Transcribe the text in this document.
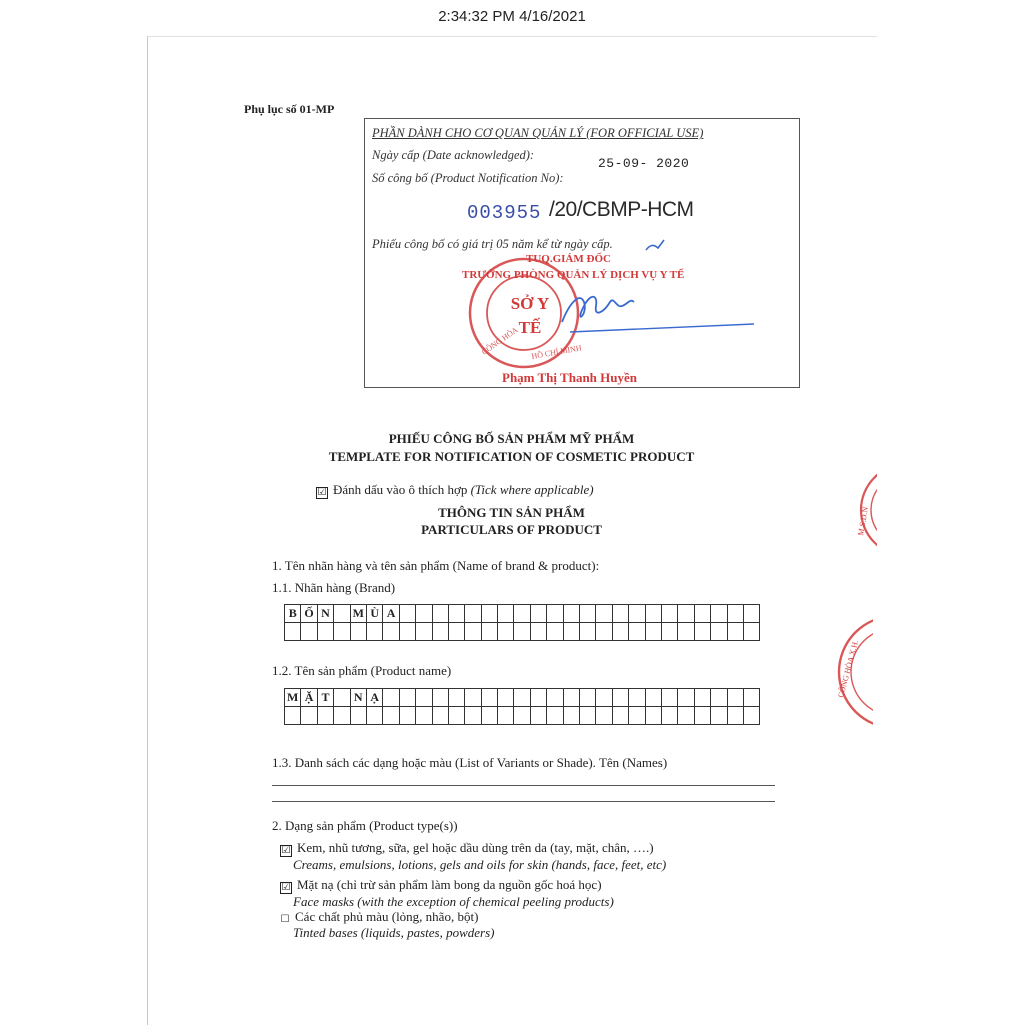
2:34:32 PM 4/16/2021
Phụ lục số 01-MP
PHẦN DÀNH CHO CƠ QUAN QUẢN LÝ (FOR OFFICIAL USE)
Ngày cấp (Date acknowledged):
25-09- 2020
Số công bố (Product Notification No):
003955 /20/CBMP-HCM
Phiếu công bố có giá trị 05 năm kể từ ngày cấp.
CÔNG HÒA HỒ CHÍ MINH
TUQ.GIÁM ĐỐC
TRƯỞNG PHÒNG QUẢN LÝ DỊCH VỤ Y TẾ
SỞ Y TẾ
Phạm Thị Thanh Huyền
PHIẾU CÔNG BỐ SẢN PHẨM MỸ PHẨM
TEMPLATE FOR NOTIFICATION OF COSMETIC PRODUCT
☑ Đánh dấu vào ô thích hợp (Tick where applicable)
THÔNG TIN SẢN PHẨM
PARTICULARS OF PRODUCT
1. Tên nhãn hàng và tên sản phẩm (Name of brand & product):
1.1. Nhãn hàng (Brand)
B	Ố	N		M	Ù	A																						

1.2. Tên sản phẩm (Product name)
M	Ặ	T		N	Ạ																							

1.3. Danh sách các dạng hoặc màu (List of Variants or Shade). Tên (Names)
2. Dạng sản phẩm (Product type(s))
☑ Kem, nhũ tương, sữa, gel hoặc dầu dùng trên da (tay, mặt, chân, ….)
Creams, emulsions, lotions, gels and oils for skin (hands, face, feet, etc)
☑ Mặt nạ (chỉ trừ sản phẩm làm bong da nguồn gốc hoá học)
Face masks (with the exception of chemical peeling products)
☐ Các chất phủ màu (lỏng, nhão, bột)
Tinted bases (liquids, pastes, powders)
M.S.D.N
CÔNG HÒA X.H.
